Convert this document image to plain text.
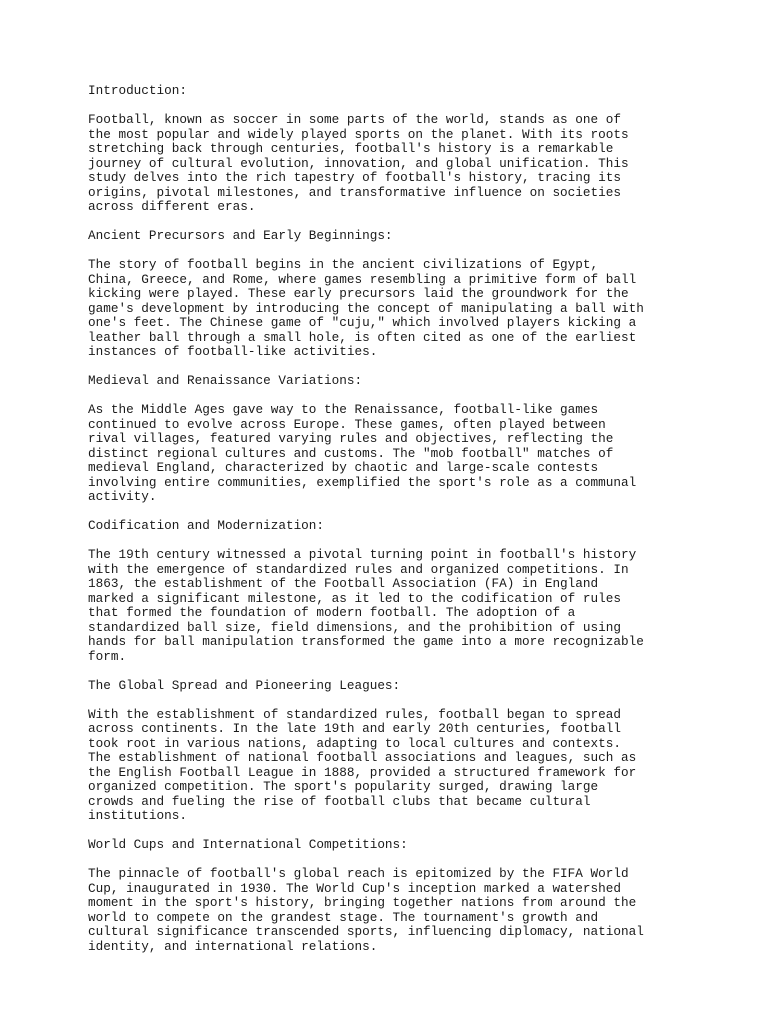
Introduction:
Football, known as soccer in some parts of the world, stands as one of
the most popular and widely played sports on the planet. With its roots
stretching back through centuries, football's history is a remarkable
journey of cultural evolution, innovation, and global unification. This
study delves into the rich tapestry of football's history, tracing its
origins, pivotal milestones, and transformative influence on societies
across different eras.
Ancient Precursors and Early Beginnings:
The story of football begins in the ancient civilizations of Egypt,
China, Greece, and Rome, where games resembling a primitive form of ball
kicking were played. These early precursors laid the groundwork for the
game's development by introducing the concept of manipulating a ball with
one's feet. The Chinese game of "cuju," which involved players kicking a
leather ball through a small hole, is often cited as one of the earliest
instances of football-like activities.
Medieval and Renaissance Variations:
As the Middle Ages gave way to the Renaissance, football-like games
continued to evolve across Europe. These games, often played between
rival villages, featured varying rules and objectives, reflecting the
distinct regional cultures and customs. The "mob football" matches of
medieval England, characterized by chaotic and large-scale contests
involving entire communities, exemplified the sport's role as a communal
activity.
Codification and Modernization:
The 19th century witnessed a pivotal turning point in football's history
with the emergence of standardized rules and organized competitions. In
1863, the establishment of the Football Association (FA) in England
marked a significant milestone, as it led to the codification of rules
that formed the foundation of modern football. The adoption of a
standardized ball size, field dimensions, and the prohibition of using
hands for ball manipulation transformed the game into a more recognizable
form.
The Global Spread and Pioneering Leagues:
With the establishment of standardized rules, football began to spread
across continents. In the late 19th and early 20th centuries, football
took root in various nations, adapting to local cultures and contexts.
The establishment of national football associations and leagues, such as
the English Football League in 1888, provided a structured framework for
organized competition. The sport's popularity surged, drawing large
crowds and fueling the rise of football clubs that became cultural
institutions.
World Cups and International Competitions:
The pinnacle of football's global reach is epitomized by the FIFA World
Cup, inaugurated in 1930. The World Cup's inception marked a watershed
moment in the sport's history, bringing together nations from around the
world to compete on the grandest stage. The tournament's growth and
cultural significance transcended sports, influencing diplomacy, national
identity, and international relations.
